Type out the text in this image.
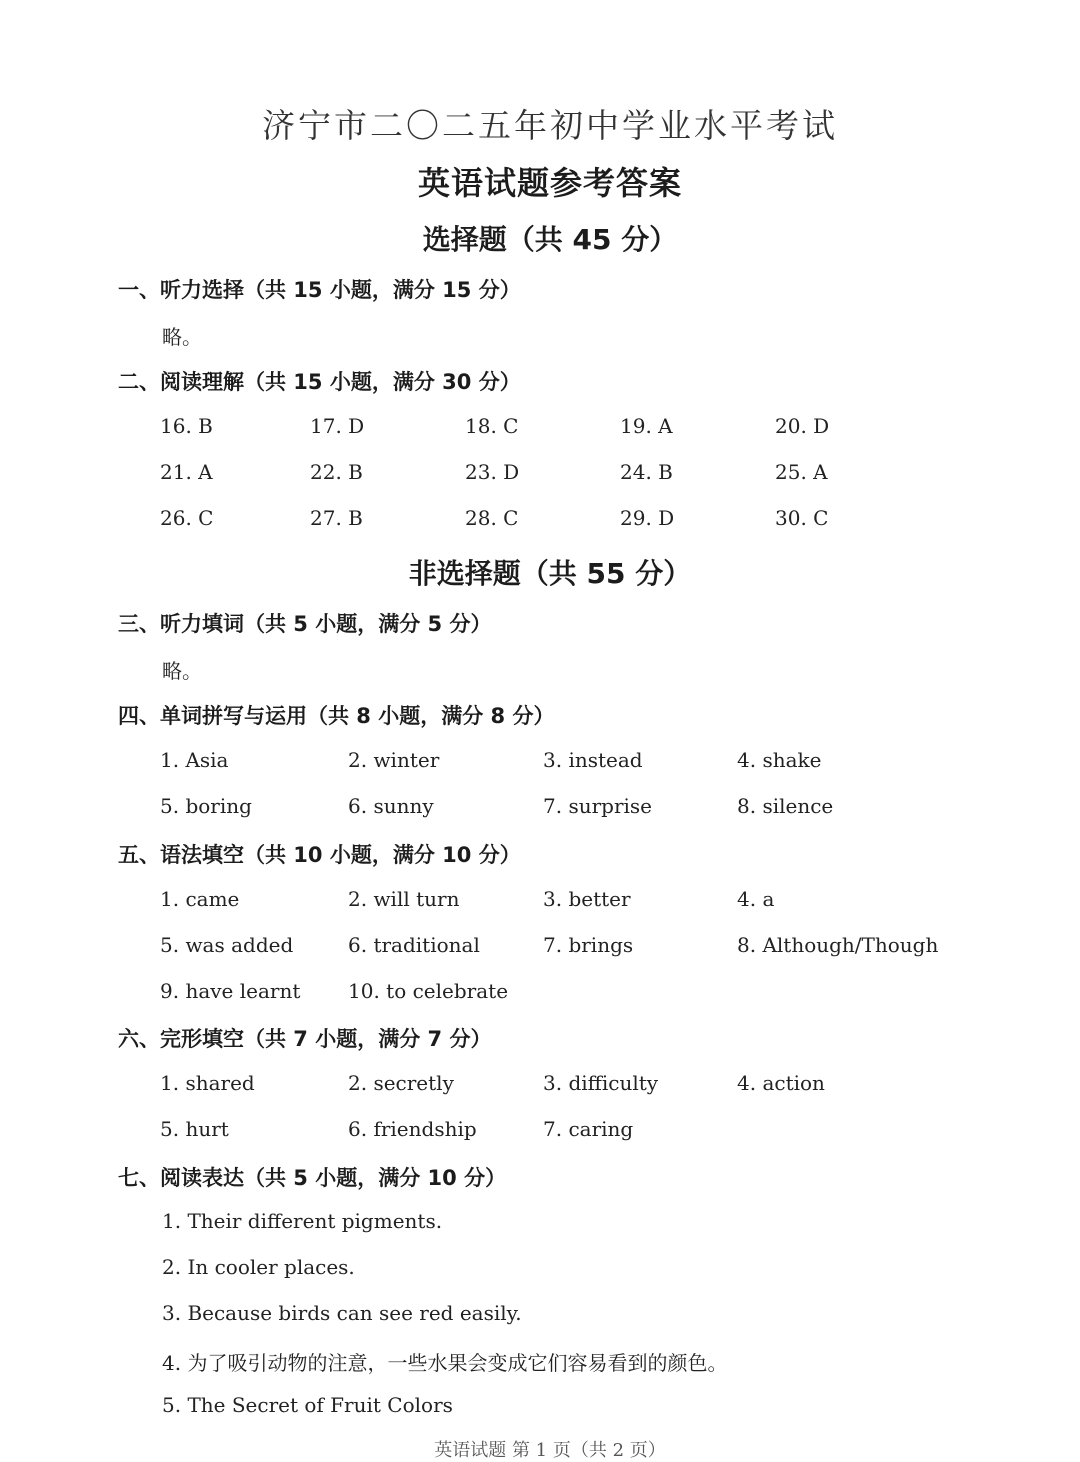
济宁市二〇二五年初中学业水平考试
英语试题参考答案
选择题（共 45 分）
一、听力选择（共 15 小题，满分 15 分）
略。
二、阅读理解（共 15 小题，满分 30 分）
16. B	17. D	18. C	19. A	20. D
21. A	22. B	23. D	24. B	25. A
26. C	27. B	28. C	29. D	30. C
非选择题（共 55 分）
三、听力填词（共 5 小题，满分 5 分）
略。
四、单词拼写与运用（共 8 小题，满分 8 分）
1. Asia	2. winter	3. instead	4. shake
5. boring	6. sunny	7. surprise	8. silence
五、语法填空（共 10 小题，满分 10 分）
1. came	2. will turn	3. better	4. a
5. was added	6. traditional	7. brings	8. Although/Though
9. have learnt 10. to celebrate
六、完形填空（共 7 小题，满分 7 分）
1. shared	2. secretly	3. difficulty	4. action
5. hurt	6. friendship	7. caring
七、阅读表达（共 5 小题，满分 10 分）
1. Their different pigments.
2. In cooler places.
3. Because birds can see red easily.
4. 为了吸引动物的注意，一些水果会变成它们容易看到的颜色。
5. The Secret of Fruit Colors
英语试题 第 1 页（共 2 页）
